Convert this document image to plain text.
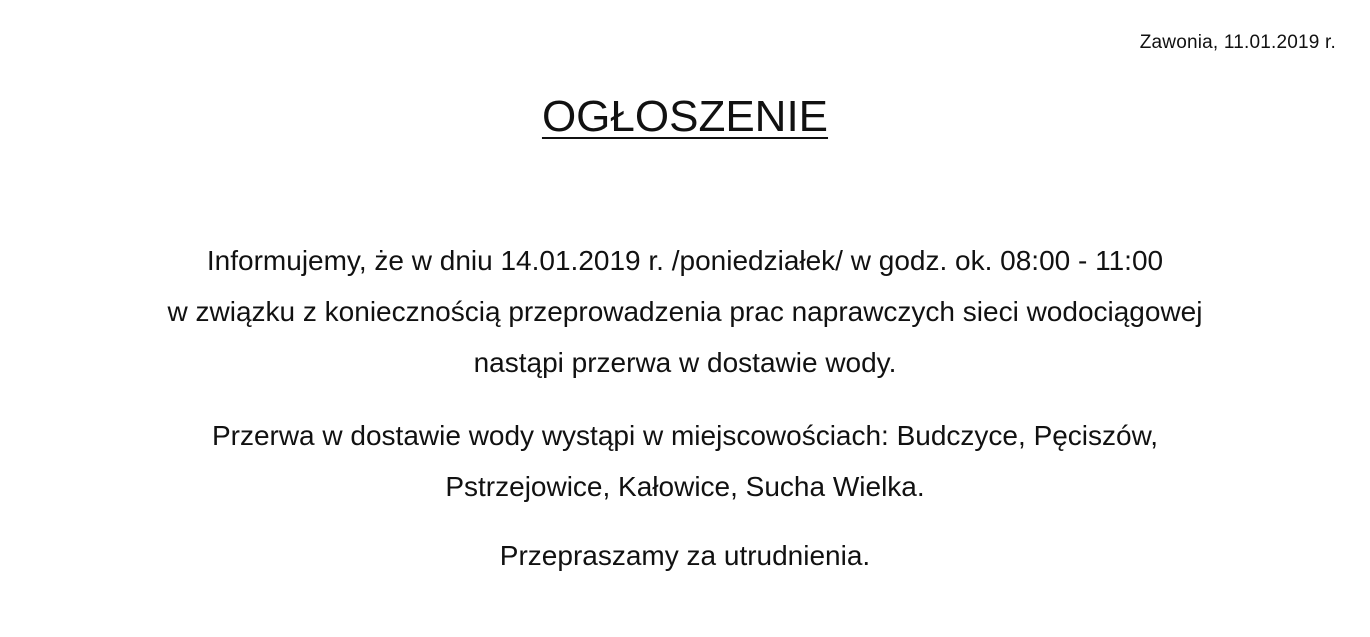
Zawonia, 11.01.2019 r.
OGŁOSZENIE
Informujemy, że w dniu 14.01.2019 r. /poniedziałek/ w godz. ok. 08:00 - 11:00
w związku z koniecznością przeprowadzenia prac naprawczych sieci wodociągowej
nastąpi przerwa w dostawie wody.
Przerwa w dostawie wody wystąpi w miejscowościach: Budczyce, Pęciszów,
Pstrzejowice, Kałowice, Sucha Wielka.
Przepraszamy za utrudnienia.
